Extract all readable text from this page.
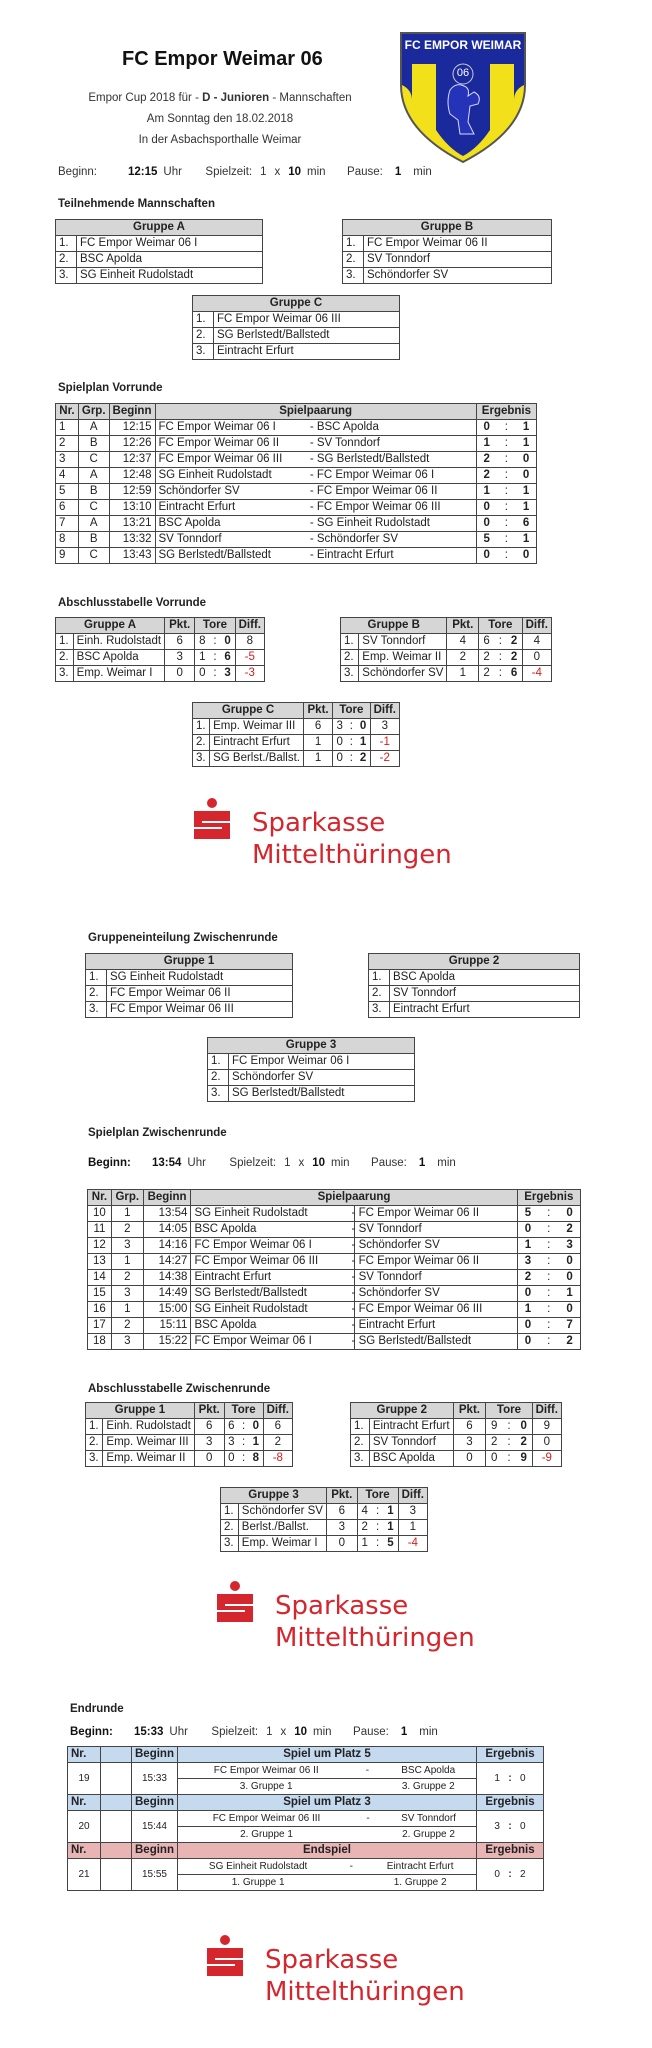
FC Empor Weimar 06
Empor Cup 2018 für - D - Junioren - Mannschaften
Am Sonntag den 18.02.2018
In der Asbachsporthalle Weimar
FC EMPOR WEIMAR
06
Beginn:	12:15 Uhr Spielzeit: 1 x 10 min Pause: 1 min
Teilnehmende Mannschaften
Gruppe A	
1.	FC Empor Weimar 06 I
2.	BSC Apolda
3.	SG Einheit Rudolstadt
Gruppe B	
1.	FC Empor Weimar 06 II
2.	SV Tonndorf
3.	Schöndorfer SV
Gruppe C	
1.	FC Empor Weimar 06 III
2.	SG Berlstedt/Ballstedt
3.	Eintracht Erfurt
Spielplan Vorrunde
Nr.	Grp.	Beginn	Spielpaarung		Ergebnis		
1	A	12:15	FC Empor Weimar 06 I	- BSC Apolda	0	:	1
2	B	12:26	FC Empor Weimar 06 II	- SV Tonndorf	1	:	1
3	C	12:37	FC Empor Weimar 06 III	- SG Berlstedt/Ballstedt	2	:	0
4	A	12:48	SG Einheit Rudolstadt	- FC Empor Weimar 06 I	2	:	0
5	B	12:59	Schöndorfer SV	- FC Empor Weimar 06 II	1	:	1
6	C	13:10	Eintracht Erfurt	- FC Empor Weimar 06 III	0	:	1
7	A	13:21	BSC Apolda	- SG Einheit Rudolstadt	0	:	6
8	B	13:32	SV Tonndorf	- Schöndorfer SV	5	:	1
9	C	13:43	SG Berlstedt/Ballstedt	- Eintracht Erfurt	0	:	0
Abschlusstabelle Vorrunde
Gruppe A		Pkt.	Tore			Diff.
1.	Einh. Rudolstadt	6	8	:	0	8
2.	BSC Apolda	3	1	:	6	-5
3.	Emp. Weimar I	0	0	:	3	-3
Gruppe B		Pkt.	Tore			Diff.
1.	SV Tonndorf	4	6	:	2	4
2.	Emp. Weimar II	2	2	:	2	0
3.	Schöndorfer SV	1	2	:	6	-4
Gruppe C		Pkt.	Tore			Diff.
1.	Emp. Weimar III	6	3	:	0	3
2.	Eintracht Erfurt	1	0	:	1	-1
3.	SG Berlst./Ballst.	1	0	:	2	-2
Sparkasse
Mittelthüringen
Gruppeneinteilung Zwischenrunde
Gruppe 1	
1.	SG Einheit Rudolstadt
2.	FC Empor Weimar 06 II
3.	FC Empor Weimar 06 III
Gruppe 2	
1.	BSC Apolda
2.	SV Tonndorf
3.	Eintracht Erfurt
Gruppe 3	
1.	FC Empor Weimar 06 I
2.	Schöndorfer SV
3.	SG Berlstedt/Ballstedt
Spielplan Zwischenrunde
Beginn: 13:54 Uhr Spielzeit: 1 x 10 min Pause: 1 min
Nr.	Grp.	Beginn	Spielpaarung		Ergebnis		
10	1	13:54	SG Einheit Rudolstadt	- FC Empor Weimar 06 II	5	:	0
11	2	14:05	BSC Apolda	- SV Tonndorf	0	:	2
12	3	14:16	FC Empor Weimar 06 I	- Schöndorfer SV	1	:	3
13	1	14:27	FC Empor Weimar 06 III	- FC Empor Weimar 06 II	3	:	0
14	2	14:38	Eintracht Erfurt	- SV Tonndorf	2	:	0
15	3	14:49	SG Berlstedt/Ballstedt	- Schöndorfer SV	0	:	1
16	1	15:00	SG Einheit Rudolstadt	- FC Empor Weimar 06 III	1	:	0
17	2	15:11	BSC Apolda	- Eintracht Erfurt	0	:	7
18	3	15:22	FC Empor Weimar 06 I	- SG Berlstedt/Ballstedt	0	:	2
Abschlusstabelle Zwischenrunde
Gruppe 1		Pkt.	Tore			Diff.
1.	Einh. Rudolstadt	6	6	:	0	6
2.	Emp. Weimar III	3	3	:	1	2
3.	Emp. Weimar II	0	0	:	8	-8
Gruppe 2		Pkt.	Tore			Diff.
1.	Eintracht Erfurt	6	9	:	0	9
2.	SV Tonndorf	3	2	:	2	0
3.	BSC Apolda	0	0	:	9	-9
Gruppe 3		Pkt.	Tore			Diff.
1.	Schöndorfer SV	6	4	:	1	3
2.	Berlst./Ballst.	3	2	:	1	1
3.	Emp. Weimar I	0	1	:	5	-4
Sparkasse
Mittelthüringen
Endrunde
Beginn: 15:33 Uhr Spielzeit: 1 x 10 min Pause: 1 min
Nr.		Beginn	Spiel um Platz 5			Ergebnis
19		15:33	FC Empor Weimar 06 II	-	BSC Apolda	1 : 0
			3. Gruppe 1		3. Gruppe 2	
Nr.		Beginn	Spiel um Platz 3			Ergebnis
20		15:44	FC Empor Weimar 06 III	-	SV Tonndorf	3 : 0
			2. Gruppe 1		2. Gruppe 2	
Nr.		Beginn	Endspiel			Ergebnis
21		15:55	SG Einheit Rudolstadt	-	Eintracht Erfurt	0 : 2
			1. Gruppe 1		1. Gruppe 2	
Sparkasse
Mittelthüringen
